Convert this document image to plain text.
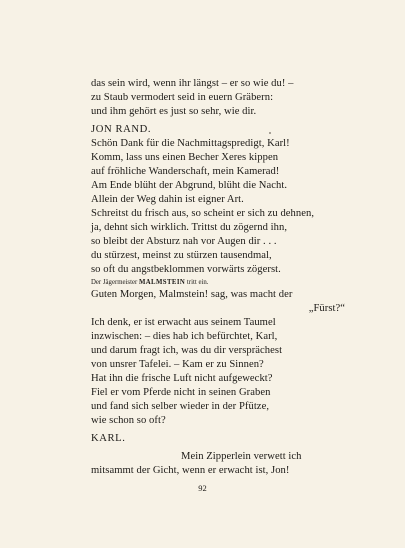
das sein wird, wenn ihr längst – er so wie du! –
zu Staub vermodert seid in euern Gräbern:
und ihm gehört es just so sehr, wie dir.
JON RAND.
Schön Dank für die Nachmittagspredigt, Karl!
Komm, lass uns einen Becher Xeres kippen
auf fröhliche Wanderschaft, mein Kamerad!
Am Ende blüht der Abgrund, blüht die Nacht.
Allein der Weg dahin ist eigner Art.
Schreitst du frisch aus, so scheint er sich zu dehnen,
ja, dehnt sich wirklich. Trittst du zögernd ihn,
so bleibt der Absturz nah vor Augen dir . . .
du stürzest, meinst zu stürzen tausendmal,
so oft du angstbeklommen vorwärts zögerst.
Der Jägermeister MALMSTEIN tritt ein.
Guten Morgen, Malmstein! sag, was macht der
„Fürst?“
Ich denk, er ist erwacht aus seinem Taumel
inzwischen: – dies hab ich befürchtet, Karl,
und darum fragt ich, was du dir versprächest
von unsrer Tafelei. – Kam er zu Sinnen?
Hat ihn die frische Luft nicht aufgeweckt?
Fiel er vom Pferde nicht in seinen Graben
und fand sich selber wieder in der Pfütze,
wie schon so oft?
KARL.
Mein Zipperlein verwett ich
mitsammt der Gicht, wenn er erwacht ist, Jon!
92
